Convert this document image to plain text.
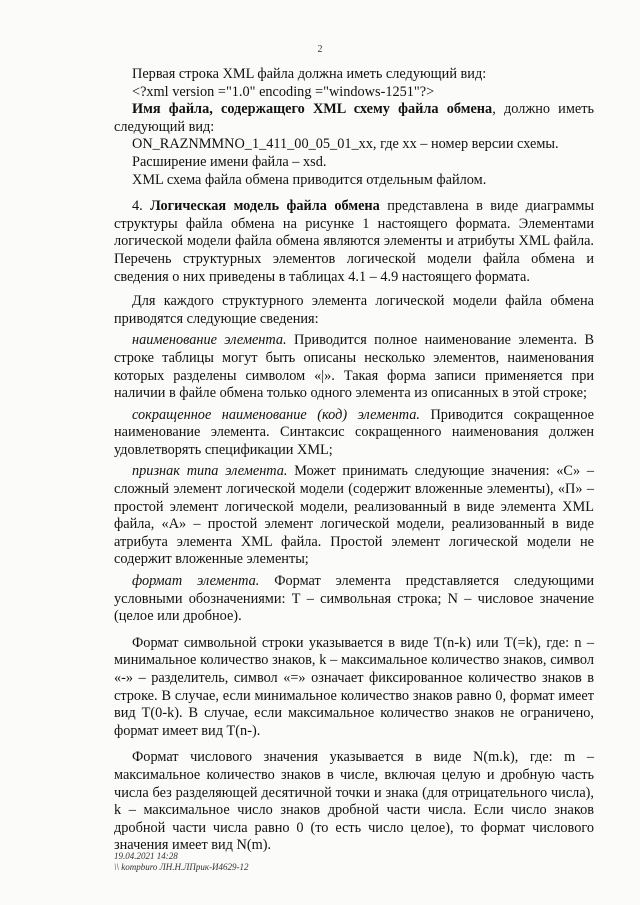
2

Первая строка XML файла должна иметь следующий вид:

<?xml version ="1.0" encoding ="windows-1251"?>

Имя файла, содержащего XML схему файла обмена, должно иметь следующий вид:

ON_RAZNMMNO_1_411_00_05_01_xx, где хх – номер версии схемы.

Расширение имени файла – xsd.

XML схема файла обмена приводится отдельным файлом.

4. Логическая модель файла обмена представлена в виде диаграммы структуры файла обмена на рисунке 1 настоящего формата. Элементами логической модели файла обмена являются элементы и атрибуты XML файла. Перечень структурных элементов логической модели файла обмена и сведения о них приведены в таблицах 4.1 – 4.9 настоящего формата.

Для каждого структурного элемента логической модели файла обмена приводятся следующие сведения:

наименование элемента. Приводится полное наименование элемента. В строке таблицы могут быть описаны несколько элементов, наименования которых разделены символом «|». Такая форма записи применяется при наличии в файле обмена только одного элемента из описанных в этой строке;

сокращенное наименование (код) элемента. Приводится сокращенное наименование элемента. Синтаксис сокращенного наименования должен удовлетворять спецификации XML;

признак типа элемента. Может принимать следующие значения: «С» – сложный элемент логической модели (содержит вложенные элементы), «П» – простой элемент логической модели, реализованный в виде элемента XML файла, «А» – простой элемент логической модели, реализованный в виде атрибута элемента XML файла. Простой элемент логической модели не содержит вложенные элементы;

формат элемента. Формат элемента представляется следующими условными обозначениями: Т – символьная строка; N – числовое значение (целое или дробное).

Формат символьной строки указывается в виде Т(n-k) или Т(=k), где: n – минимальное количество знаков, k – максимальное количество знаков, символ «-» – разделитель, символ «=» означает фиксированное количество знаков в строке. В случае, если минимальное количество знаков равно 0, формат имеет вид Т(0-k). В случае, если максимальное количество знаков не ограничено, формат имеет вид Т(n-).

Формат числового значения указывается в виде N(m.k), где: m – максимальное количество знаков в числе, включая целую и дробную часть числа без разделяющей десятичной точки и знака (для отрицательного числа), k – максимальное число знаков дробной части числа. Если число знаков дробной части числа равно 0 (то есть число целое), то формат числового значения имеет вид N(m).

19.04.2021 14:28
\\ kompburo ЛН.Н.ЛПрик-И4629-12
